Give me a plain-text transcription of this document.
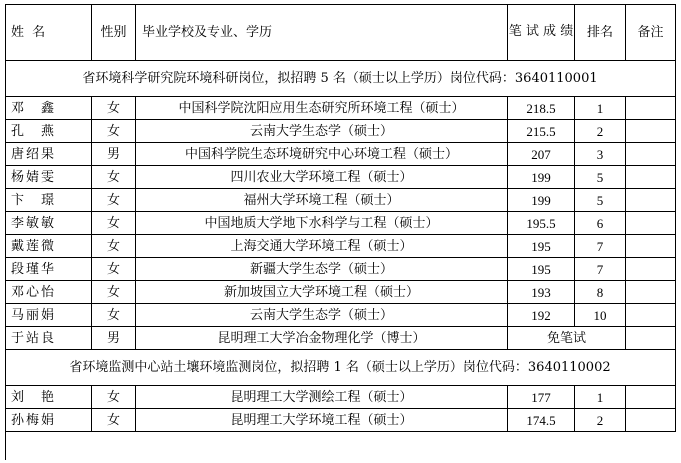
姓 名	性别	毕业学校及专业、学历	笔 试 成 绩	排名	备注
省环境科学研究院环境科研岗位，拟招聘 5 名（硕士以上学历）岗位代码：3640110001
邓　鑫	女	中国科学院沈阳应用生态研究所环境工程（硕士）	218.5	1
孔　燕	女	云南大学生态学（硕士）	215.5	2
唐绍果	男	中国科学院生态环境研究中心环境工程（硕士）	207	3
杨婧雯	女	四川农业大学环境工程（硕士）	199	5
卞　璟	女	福州大学环境工程（硕士）	199	5
李敏敏	女	中国地质大学地下水科学与工程（硕士）	195.5	6
戴莲微	女	上海交通大学环境工程（硕士）	195	7
段瑾华	女	新疆大学生态学（硕士）	195	7
邓心怡	女	新加坡国立大学环境工程（硕士）	193	8
马丽娟	女	云南大学生态学（硕士）	192	10
于站良	男	昆明理工大学冶金物理化学（博士）	免笔试
省环境监测中心站土壤环境监测岗位，拟招聘 1 名（硕士以上学历）岗位代码：3640110002
刘　艳	女	昆明理工大学测绘工程（硕士）	177	1
孙梅娟	女	昆明理工大学环境工程（硕士）	174.5	2
